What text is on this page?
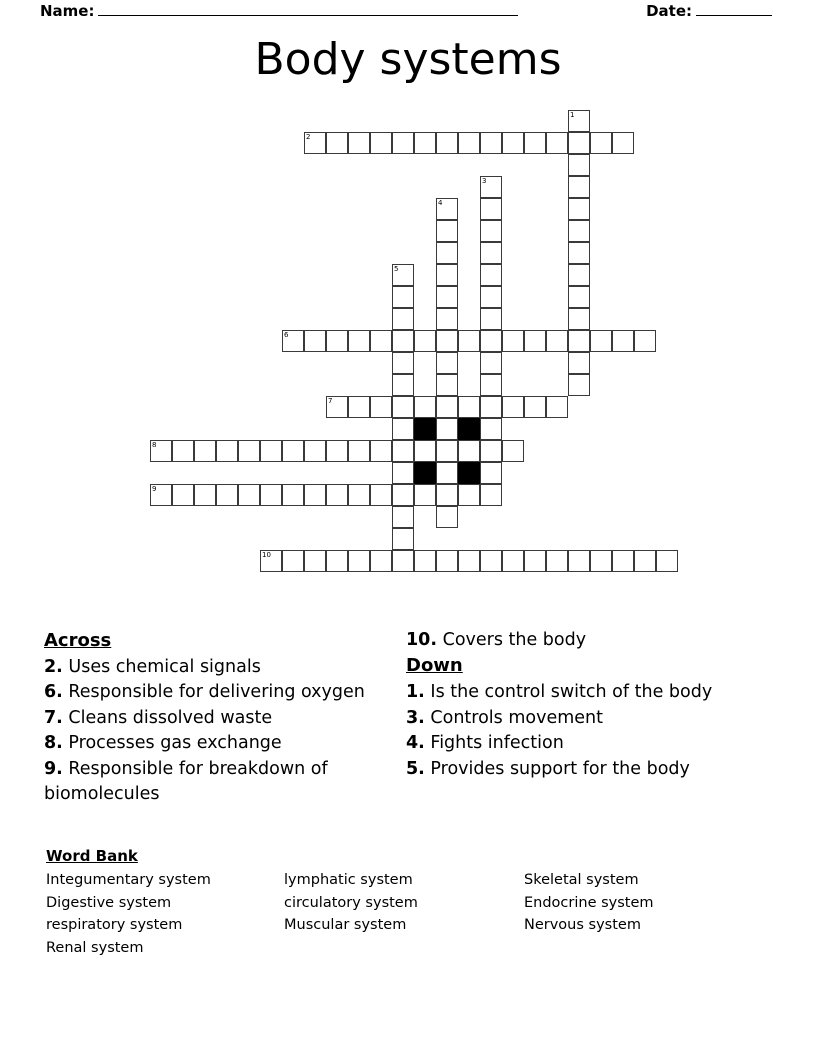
Name:	Date:
Body systems
1
2
3
4
5
6
7
8
9
10
Across
2. Uses chemical signals
6. Responsible for delivering oxygen
7. Cleans dissolved waste
8. Processes gas exchange
9. Responsible for breakdown of biomolecules
10. Covers the body
Down
1. Is the control switch of the body
3. Controls movement
4. Fights infection
5. Provides support for the body
Word Bank
Integumentary system	lymphatic system	Skeletal system
Digestive system	circulatory system	Endocrine system
respiratory system	Muscular system	Nervous system
Renal system
